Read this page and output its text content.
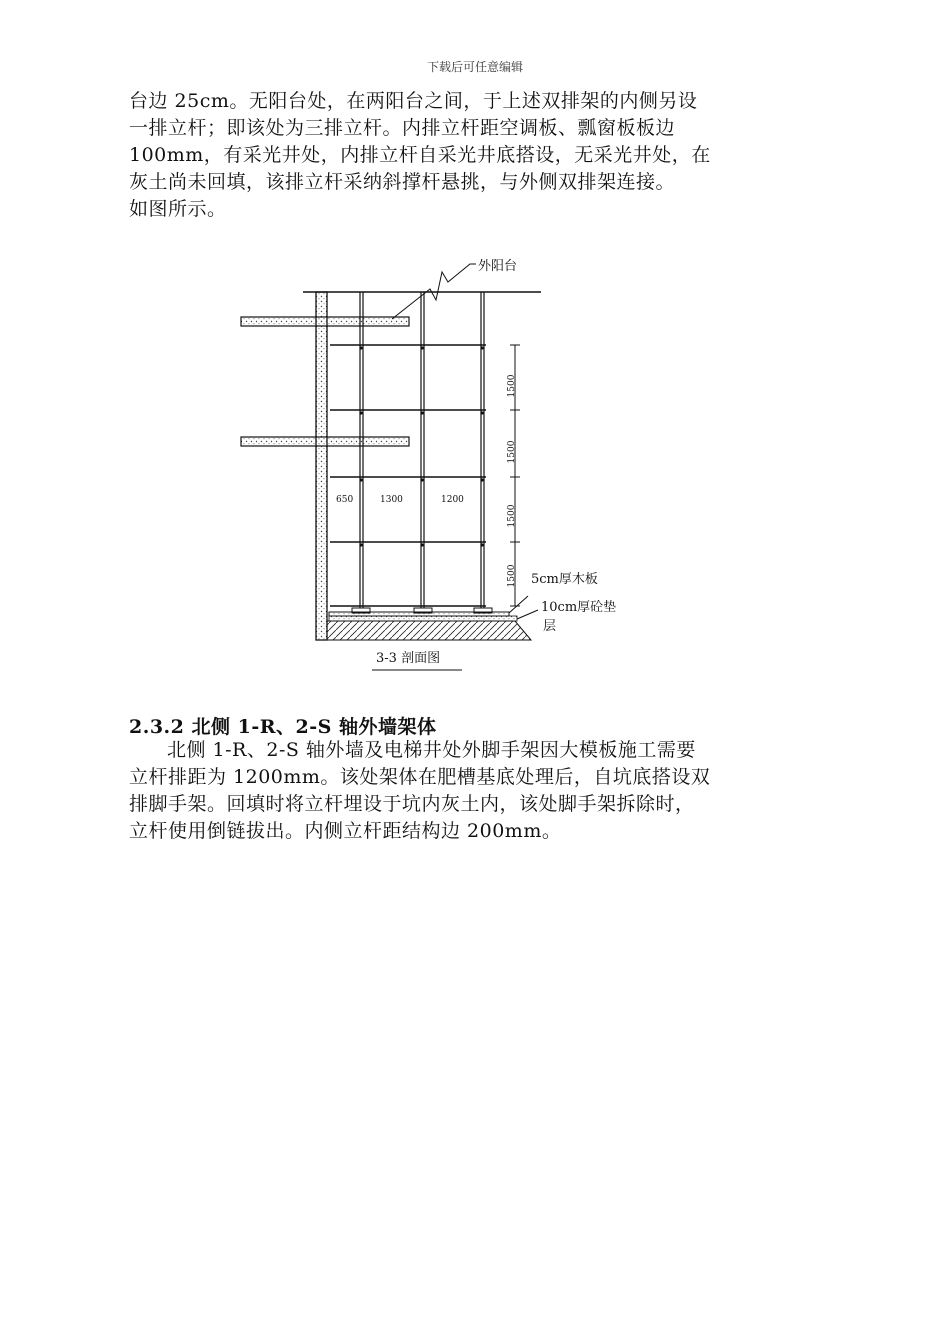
下载后可任意编辑

台边 25cm。无阳台处，在两阳台之间，于上述双排架的内侧另设

一排立杆；即该处为三排立杆。内排立杆距空调板、瓢窗板板边

100mm，有采光井处，内排立杆自采光井底搭设，无采光井处，在

灰土尚未回填，该排立杆采纳斜撑杆悬挑，与外侧双排架连接。

如图所示。

1500
1500
1500
1500
650	1300	1200
外阳台
5cm厚木板
10cm厚砼垫
层
3-3 剖面图
2.3.2 北侧 1-R、2-S 轴外墙架体

北侧 1-R、2-S 轴外墙及电梯井处外脚手架因大模板施工需要

立杆排距为 1200mm。该处架体在肥槽基底处理后，自坑底搭设双

排脚手架。回填时将立杆埋设于坑内灰土内，该处脚手架拆除时，

立杆使用倒链拔出。内侧立杆距结构边 200mm。
